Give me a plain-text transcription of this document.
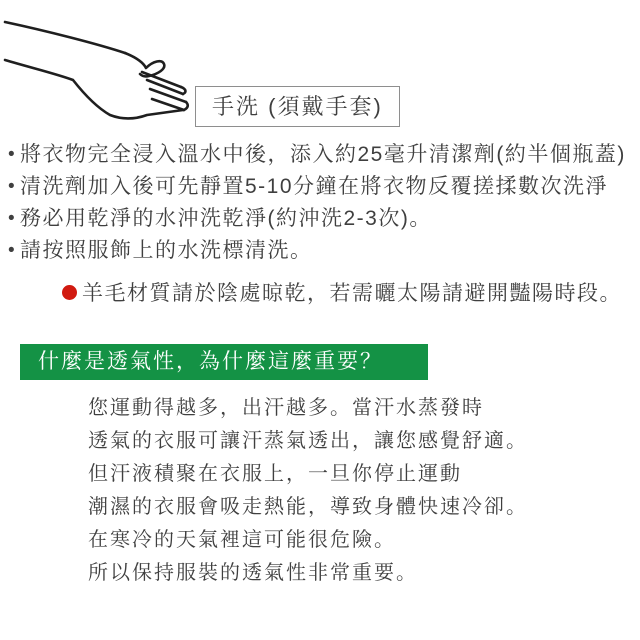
手洗 (須戴手套)
• 將衣物完全浸入溫水中後，添入約25毫升清潔劑(約半個瓶蓋)
• 清洗劑加入後可先靜置5-10分鐘在將衣物反覆搓揉數次洗淨
• 務必用乾淨的水沖洗乾淨(約沖洗2-3次)。
• 請按照服飾上的水洗標清洗。
羊毛材質請於陰處晾乾，若需曬太陽請避開豔陽時段。
什麼是透氣性，為什麼這麼重要？
您運動得越多，出汗越多。當汗水蒸發時
透氣的衣服可讓汗蒸氣透出，讓您感覺舒適。
但汗液積聚在衣服上，一旦你停止運動
潮濕的衣服會吸走熱能，導致身體快速冷卻。
在寒冷的天氣裡這可能很危險。
所以保持服裝的透氣性非常重要。
